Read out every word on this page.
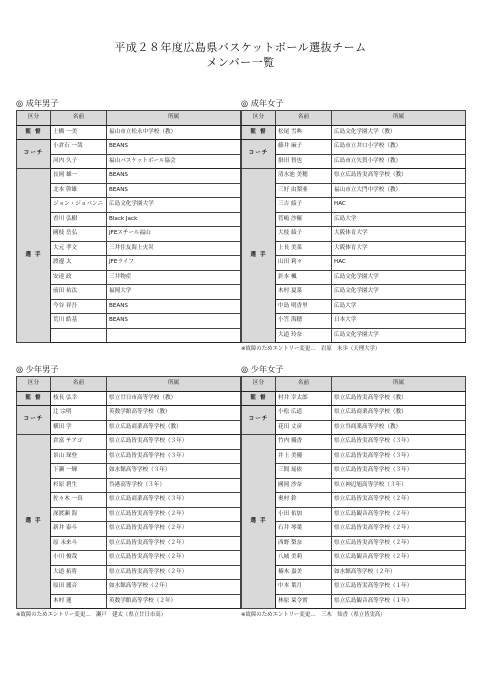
平成２８年度広島県バスケットボール選抜チーム
メンバー一覧
◎ 成年男子
区分	名前	所属
監 督	土橋 一美	福山市立松永中学校（教）
コーチ	小倉石 一哉	BEANS
	河内 久子	福山バスケットボール協会
選 手	長岡 雄一	BEANS
	北本 幹雄	BEANS
	ジョン・ジョバンニ	広島文化学園大学
	香川 弘樹	Black Jack
	國枝 岳弘	JFEスチール福山
	大元 孝文	三井住友海上火災
	渡邊 太	JFEライフ
	安達 政	三井物産
	前田 祐汰	福岡大学
	今谷 祥吾	BEANS
	荒川 皓基	BEANS

◎ 成年女子
区分	名前	所属
監 督	松尾 雪典	広島文化学園大学（教）
コーチ	藤井 麻子	広島市立井口小学校（教）
	掛田 智也	広島市立矢賀小学校（教）
選 手	清水池 美穂	県立広島皆実高等学校（教）
	三好 由梨亜	福山市立大門中学校（教）
	三吉 綾子	HAC
	菅嶋 沙羅	広島大学
	大枝 綾子	大阪体育大学
	上長 美菜	大阪体育大学
	山田 莉々	HAC
	針本 楓	広島文化学園大学
	木村 夏菜	広島文化学園大学
	中島 明香里	広島大学
	小笠 海穂	日本大学
	大道 玲奈	広島文化学園大学
※故障のためエントリー変更…　岩原　未歩（天理大学）
◎ 少年男子
区分	名前	所属
監 督	枝長 弘幸	県立廿日市高等学校（教）
コーチ	辻 宗明	英数学館高等学校（教）
	横田 学	県立広島商業高等学校（教）
選 手	倉富 チアゴ	県立広島皆実高等学校（３年）
	景山 琛登	県立広島皆実高等学校（３年）
	下瀬 一輝	如水館高等学校（３年）
	杉原 碧生	呉港高等学校（３年）
	佐々木 一真	県立広島商業高等学校（３年）
	深渡瀬 海	県立広島皆実高等学校（２年）
	新井 泰斗	県立広島皆実高等学校（２年）
	原 未来斗	県立広島皆実高等学校（２年）
	小川 俊哉	県立広島皆実高等学校（２年）
	大道 拓将	県立広島皆実高等学校（２年）
	原田 麗音	如水館高等学校（２年）
	木村 蓮	英数学館高等学校（２年）
※故障のためエントリー変更…　瀬戸　建太（県立廿日市高）
◎ 少年女子
区分	名前	所属
監 督	村井 幸太郎	県立広島皆実高等学校（教）
コーチ	小松 広道	県立広島商業高等学校（教）
	花田 丈彦	県立呉商業高等学校（教）
選 手	竹内 優香	県立広島皆実高等学校（３年）
	井上 美優	県立広島皆実高等学校（３年）
	三間 瑶依	県立広島皆実高等学校（３年）
	國岡 沙奈	県立神辺旭高等学校（３年）
	奥村 鈴	県立広島皆実高等学校（２年）
	小田 佑加	県立広島観音高等学校（２年）
	石井 琴葉	県立広島皆実高等学校（２年）
	西野 梨奈	県立広島皆実高等学校（２年）
	八城 美莉	県立広島観音高等学校（２年）
	楠木 嘉美	如水館高等学校（２年）
	中本 葉月	県立広島皆実高等学校（１年）
	林原 栞令實	県立広島観音高等学校（１年）
※故障のためエントリー変更…　三木　知香（県立皆実高）
